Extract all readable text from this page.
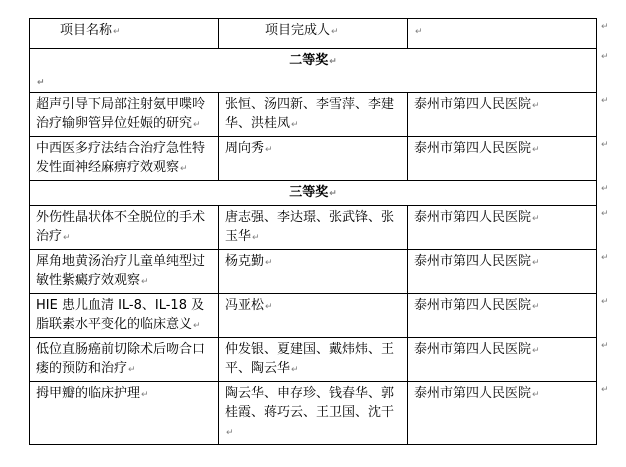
项目名称↵	项目完成人↵	↵
二等奖↵
↵		

超声引导下局部注射氨甲喋呤治疗输卵管异位妊娠的研究↵	张恒、汤四新、李雪萍、李建华、洪桂凤↵	泰州市第四人民医院↵
中西医多疗法结合治疗急性特发性面神经麻痹疗效观察↵	周向秀↵	泰州市第四人民医院↵
三等奖↵		
外伤性晶状体不全脱位的手术治疗↵	唐志强、李达璟、张武锋、张玉华↵	泰州市第四人民医院↵
犀角地黄汤治疗儿童单纯型过敏性紫癜疗效观察↵	杨克勤↵	泰州市第四人民医院↵
HIE 患儿血清 IL-8、IL-18 及脂联素水平变化的临床意义↵	冯亚松↵	泰州市第四人民医院↵
低位直肠癌前切除术后吻合口瘘的预防和治疗↵	仲发银、夏建国、戴炜炜、王平、陶云华↵	泰州市第四人民医院↵
拇甲瓣的临床护理↵	陶云华、申存珍、钱春华、郭桂霞、蒋巧云、王卫国、沈干↵	泰州市第四人民医院↵
↵
↵
↵
↵
↵
↵
↵
↵
↵
↵
